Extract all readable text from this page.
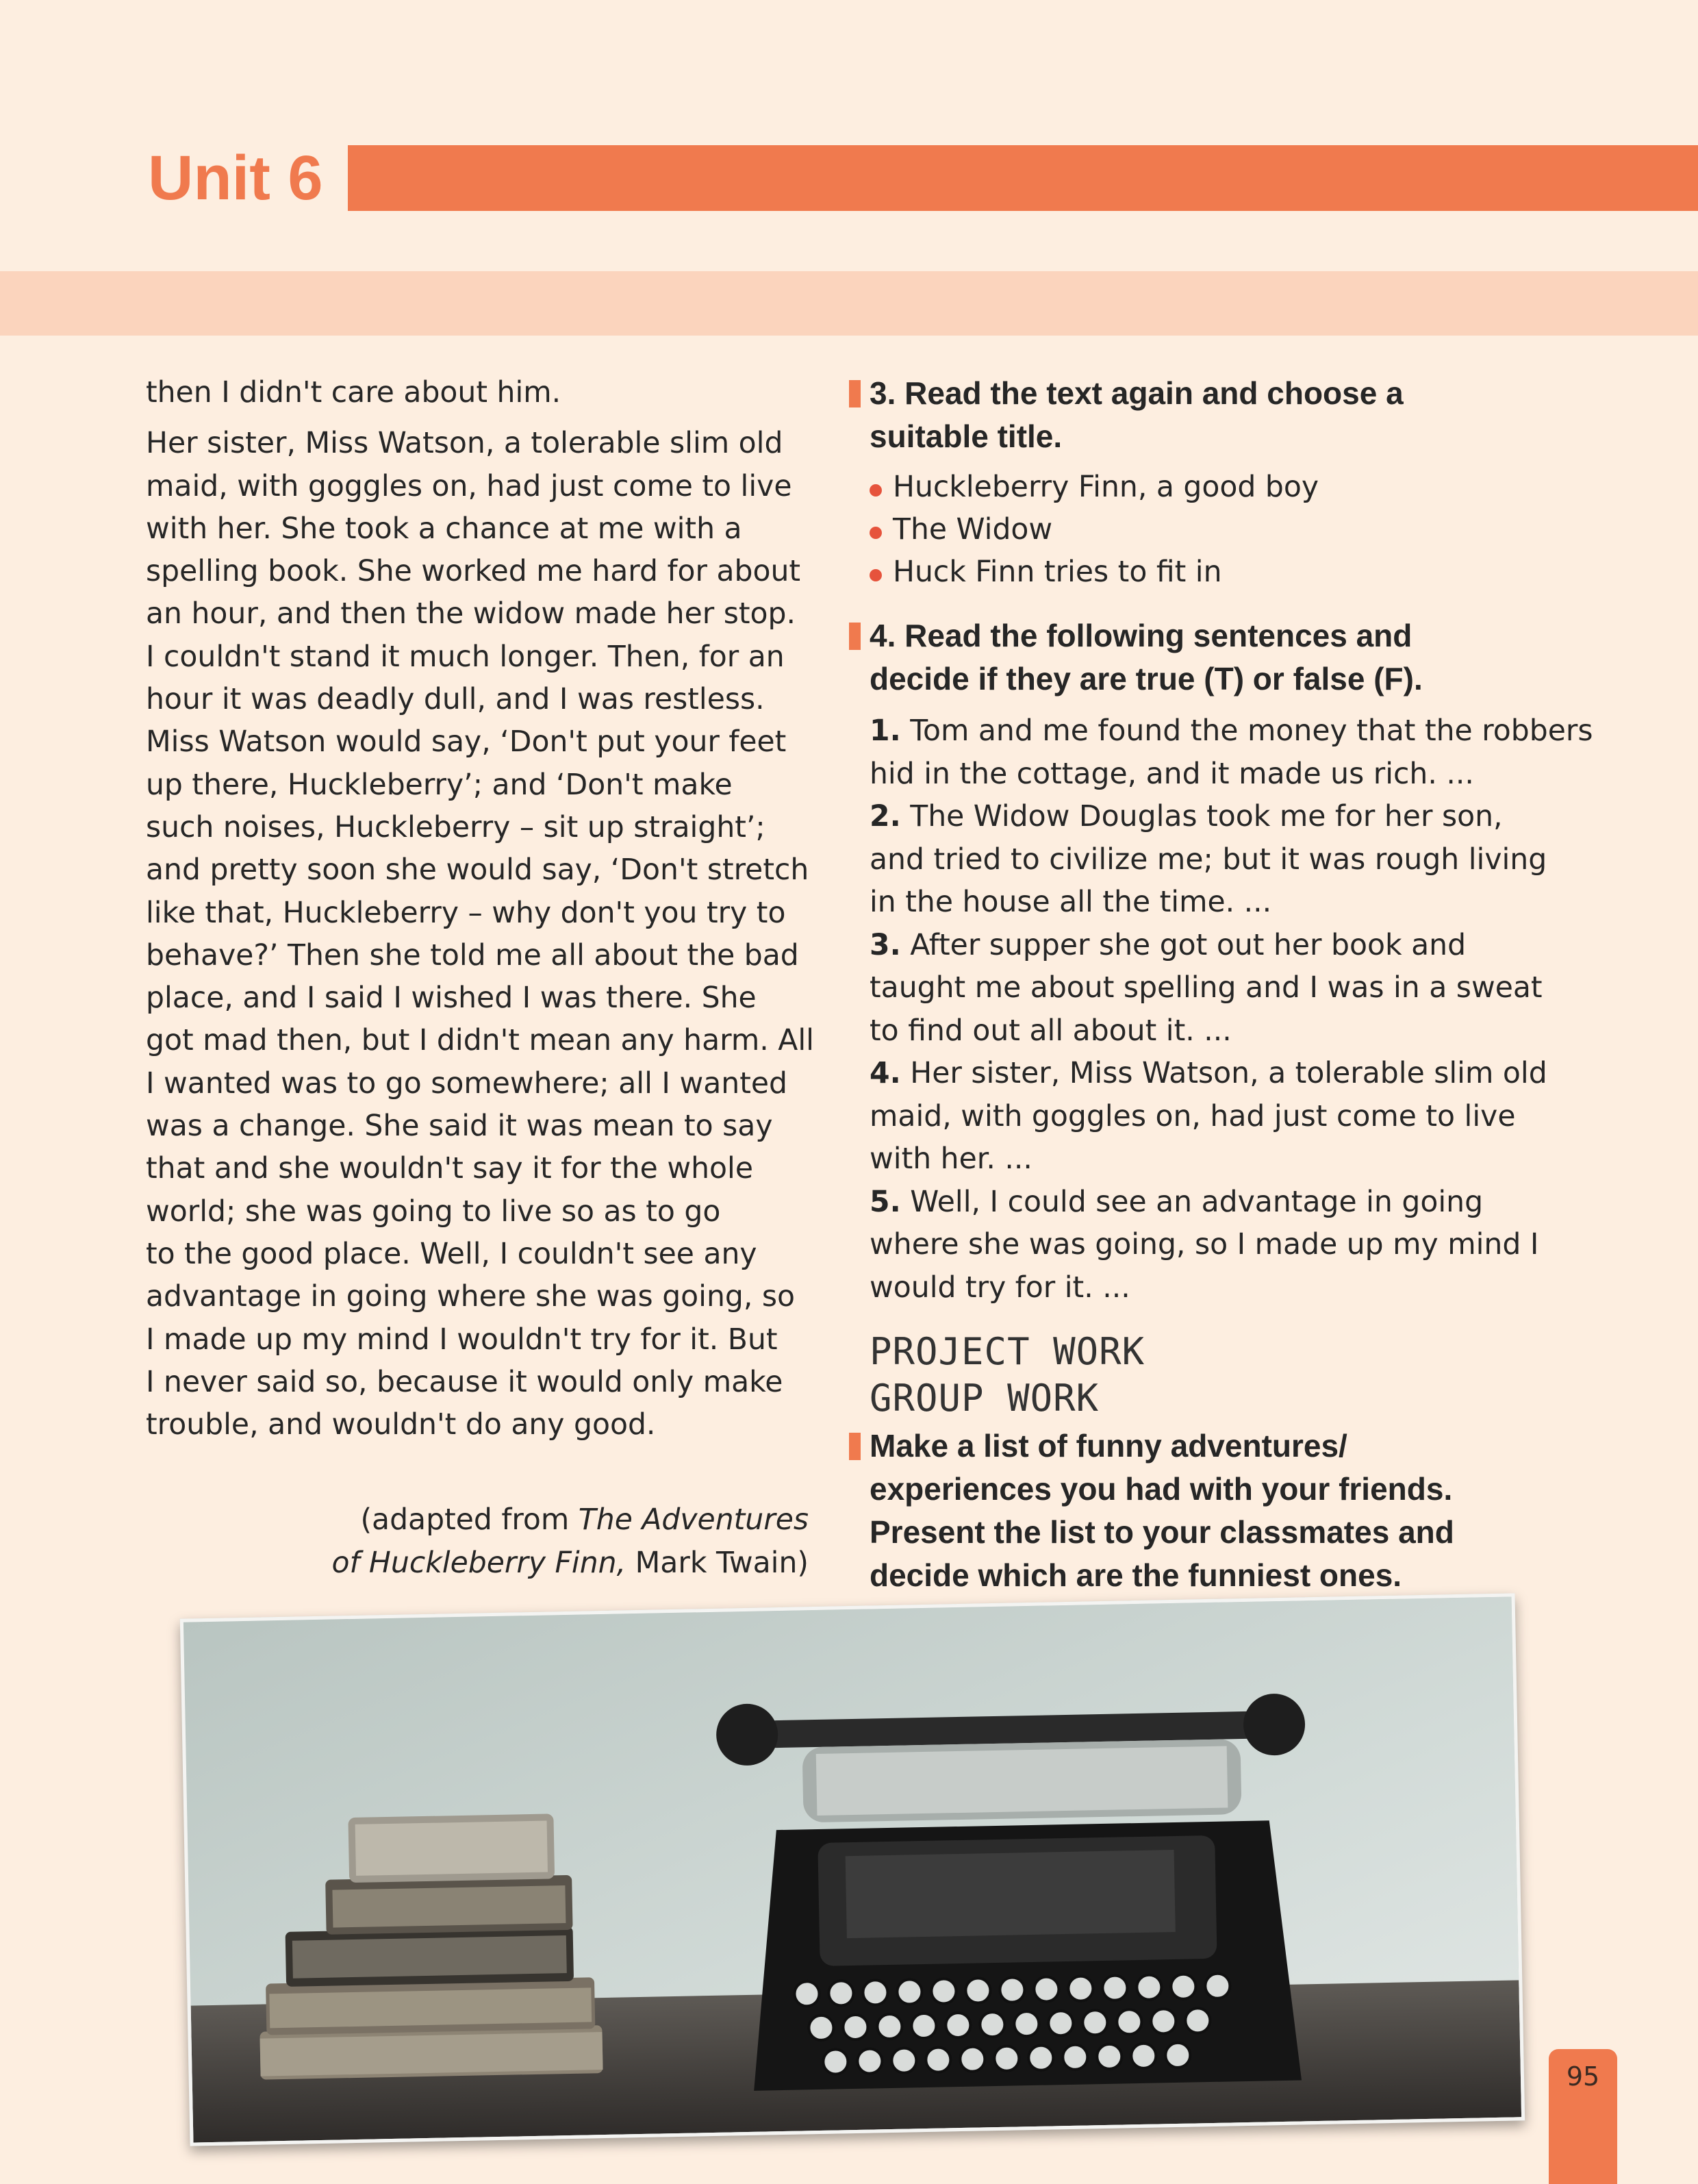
Unit 6

then I didn't care about him.

Her sister, Miss Watson, a tolerable slim old

maid, with goggles on, had just come to live

with her. She took a chance at me with a

spelling book. She worked me hard for about

an hour, and then the widow made her stop.

I couldn't stand it much longer. Then, for an

hour it was deadly dull, and I was restless.

Miss Watson would say, ‘Don't put your feet

up there, Huckleberry’; and ‘Don't make

such noises, Huckleberry – sit up straight’;

and pretty soon she would say, ‘Don't stretch

like that, Huckleberry – why don't you try to

behave?’ Then she told me all about the bad

place, and I said I wished I was there. She

got mad then, but I didn't mean any harm. All

I wanted was to go somewhere; all I wanted

was a change. She said it was mean to say

that and she wouldn't say it for the whole

world; she was going to live so as to go

to the good place. Well, I couldn't see any

advantage in going where she was going, so

I made up my mind I wouldn't try for it. But

I never said so, because it would only make

trouble, and wouldn't do any good.

(adapted from The Adventures
of Huckleberry Finn, Mark Twain)
3. Read the text again and choose a
suitable title.
Huckleberry Finn, a good boy
The Widow
Huck Finn tries to fit in
4. Read the following sentences and
decide if they are true (T) or false (F).
1. Tom and me found the money that the robbers
hid in the cottage, and it made us rich. ...
2. The Widow Douglas took me for her son,
and tried to civilize me; but it was rough living
in the house all the time. ...
3. After supper she got out her book and
taught me about spelling and I was in a sweat
to find out all about it. ...
4. Her sister, Miss Watson, a tolerable slim old
maid, with goggles on, had just come to live
with her. ...
5. Well, I could see an advantage in going
where she was going, so I made up my mind I
would try for it. ...
PROJECT WORK
GROUP WORK
Make a list of funny adventures/
experiences you had with your friends.
Present the list to your classmates and
decide which are the funniest ones.
95
